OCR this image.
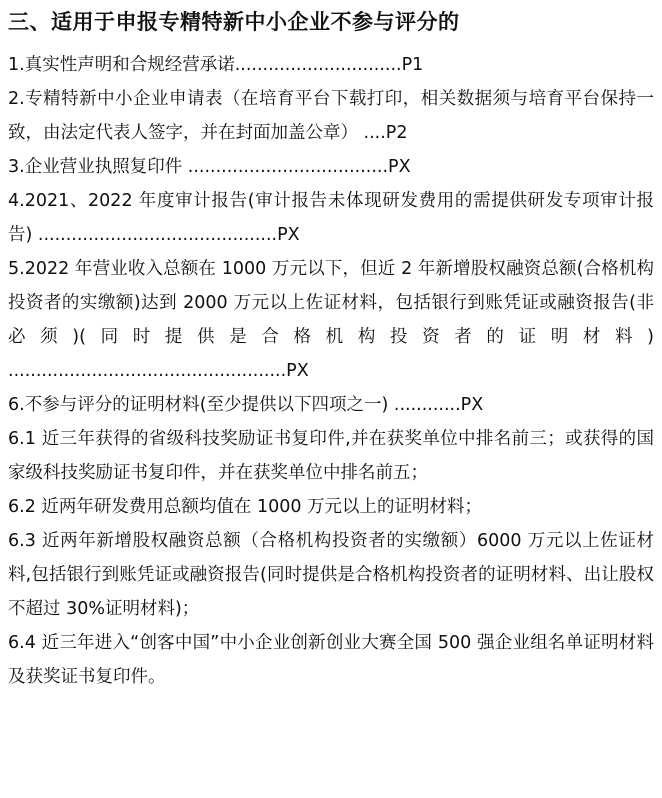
三、适用于申报专精特新中小企业不参与评分的

1.真实性声明和合规经营承诺..............................P1

2.专精特新中小企业申请表（在培育平台下载打印，相关数据须与培育平台保持一致，由法定代表人签字，并在封面加盖公章） ....P2

3.企业营业执照复印件 ....................................PX

4.2021、2022 年度审计报告(审计报告未体现研发费用的需提供研发专项审计报告) ...........................................PX

5.2022 年营业收入总额在 1000 万元以下，但近 2 年新增股权融资总额(合格机构投资者的实缴额)达到 2000 万元以上佐证材料，包括银行到账凭证或融资报告(非必须)(同时提供是合格机构投资者的证明材料) ..................................................PX

6.不参与评分的证明材料(至少提供以下四项之一) ............PX

6.1 近三年获得的省级科技奖励证书复印件,并在获奖单位中排名前三；或获得的国家级科技奖励证书复印件，并在获奖单位中排名前五；

6.2 近两年研发费用总额均值在 1000 万元以上的证明材料；

6.3 近两年新增股权融资总额（合格机构投资者的实缴额）6000 万元以上佐证材料,包括银行到账凭证或融资报告(同时提供是合格机构投资者的证明材料、出让股权不超过 30%证明材料)；

6.4 近三年进入“创客中国”中小企业创新创业大赛全国 500 强企业组名单证明材料及获奖证书复印件。
